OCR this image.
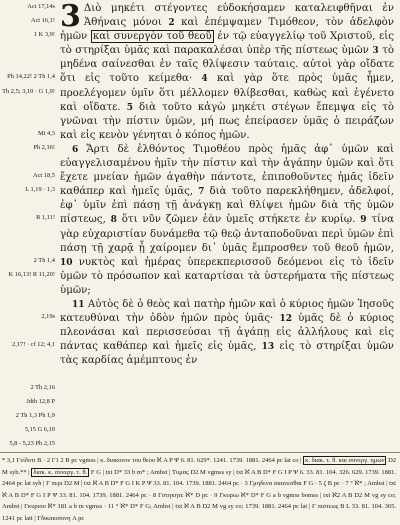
Act 17,14s
Act 16,1!
1 K 3,9!
Ph 14,22! 2 Th 1,4
Th 2,5; 3,10 · G 1,9!
Mt 4,3
Ph 2,16!
Act 18,5
L 1,19 · 1,3
R 1,11!
2 Th 1,4
K 16,13! R 11,20!
2,19s
2,17! · cf 12; 4,1
2 Th 2,16
Jdth 12,8 P
2 Th 1,3 Ph 1,9
5,15 G 6,10
5,8 - 5,23 Ph 2,15

3 Διὸ μηκέτι στέγοντες εὐδοκήσαμεν καταλειφθῆναι ἐν Ἀθήναις μόνοι 2 καὶ ἐπέμψαμεν Τιμόθεον, τὸν ἀδελφὸν ἡμῶν καὶ συνεργὸν τοῦ θεοῦ ἐν τῷ εὐαγγελίῳ τοῦ Χριστοῦ, εἰς τὸ στηρίξαι ὑμᾶς καὶ παρακαλέσαι ὑπὲρ τῆς πίστεως ὑμῶν 3 τὸ μηδένα σαίνεσθαι ἐν ταῖς θλίψεσιν ταύταις. αὐτοὶ γὰρ οἴδατε ὅτι εἰς τοῦτο κείμεθα· 4 καὶ γὰρ ὅτε πρὸς ὑμᾶς ἦμεν, προελέγομεν ὑμῖν ὅτι μέλλομεν θλίβεσθαι, καθὼς καὶ ἐγένετο καὶ οἴδατε. 5 διὰ τοῦτο κἀγὼ μηκέτι στέγων ἔπεμψα εἰς τὸ γνῶναι τὴν πίστιν ὑμῶν, μή πως ἐπείρασεν ὑμᾶς ὁ πειράζων καὶ εἰς κενὸν γένηται ὁ κόπος ἡμῶν.

6 Ἄρτι δὲ ἐλθόντος Τιμοθέου πρὸς ἡμᾶς ἀφ᾽ ὑμῶν καὶ εὐαγγελισαμένου ἡμῖν τὴν πίστιν καὶ τὴν ἀγάπην ὑμῶν καὶ ὅτι ἔχετε μνείαν ἡμῶν ἀγαθὴν πάντοτε, ἐπιποθοῦντες ἡμᾶς ἰδεῖν καθάπερ καὶ ἡμεῖς ὑμᾶς, 7 διὰ τοῦτο παρεκλήθημεν, ἀδελφοί, ἐφ᾽ ὑμῖν ἐπὶ πάσῃ τῇ ἀνάγκῃ καὶ θλίψει ἡμῶν διὰ τῆς ὑμῶν πίστεως, 8 ὅτι νῦν ζῶμεν ἐὰν ὑμεῖς στήκετε ἐν κυρίῳ. 9 τίνα γὰρ εὐχαριστίαν δυνάμεθα τῷ θεῷ ἀνταποδοῦναι περὶ ὑμῶν ἐπὶ πάσῃ τῇ χαρᾷ ᾗ χαίρομεν δι᾽ ὑμᾶς ἔμπροσθεν τοῦ θεοῦ ἡμῶν, 10 νυκτὸς καὶ ἡμέρας ὑπερεκπερισσοῦ δεόμενοι εἰς τὸ ἰδεῖν ὑμῶν τὸ πρόσωπον καὶ καταρτίσαι τὰ ὑστερήματα τῆς πίστεως ὑμῶν;

11 Αὐτὸς δὲ ὁ θεὸς καὶ πατὴρ ἡμῶν καὶ ὁ κύριος ἡμῶν Ἰησοῦς κατευθύναι τὴν ὁδὸν ἡμῶν πρὸς ὑμᾶς· 12 ὑμᾶς δὲ ὁ κύριος πλεονάσαι καὶ περισσεύσαι τῇ ἀγάπῃ εἰς ἀλλήλους καὶ εἰς πάντας καθάπερ καὶ ἡμεῖς εἰς ὑμᾶς, 13 εἰς τὸ στηρίξαι ὑμῶν τὰς καρδίας ἀμέμπτους ἐν

* 3,1 Γεἰδοτι B · 2 Γ1 2 B pc vgmss | κ. διακονον του θεου ℵ A P Ψ 6. 81. 629*. 1241. 1739. 1881. 2464 pc lat co | κ. διακ. τ. θ. και συνεργ. ημων D2 M syh.** | διακ. κ. συνεργ. τ. θ. F G | txt D* 33 b m* ; Ambst | Τυμας D2 M vgmss sy | txt ℵ A B D* F G I P Ψ 6. 33. 81. 104. 326. 629. 1739. 1881. 2464 pc lat syh | Γ περι D2 M | txt ℵ A B D* F G I K P Ψ 33. 81. 104. 1739. 1881. 2464 pc · 3 Γμηδενα σιαινεσθαι F G · 5 ζ B pc · 7 ° ℵ* ; Ambst | txt ℵ A B D* F G I P Ψ 33. 81. 104. 1739. 1881. 2464 pc · 8 Γστηκητε ℵ* D pc · 9 Γκυριω ℵ* D* F G a b vgmss bomss | txt ℵ2 A B D2 M vg sy co; Ambst | Γκυριου ℵ* 181 a b m vgmss · 11 ° ℵ* D* F G; Ambst | txt ℵ A B D2 M vg sy co; 1739. 1881. 2464 pc lat | Γ πιστεως B L 33. 81. 104. 365. 1241 pc latt | Γδικαιοσυνη A pc
